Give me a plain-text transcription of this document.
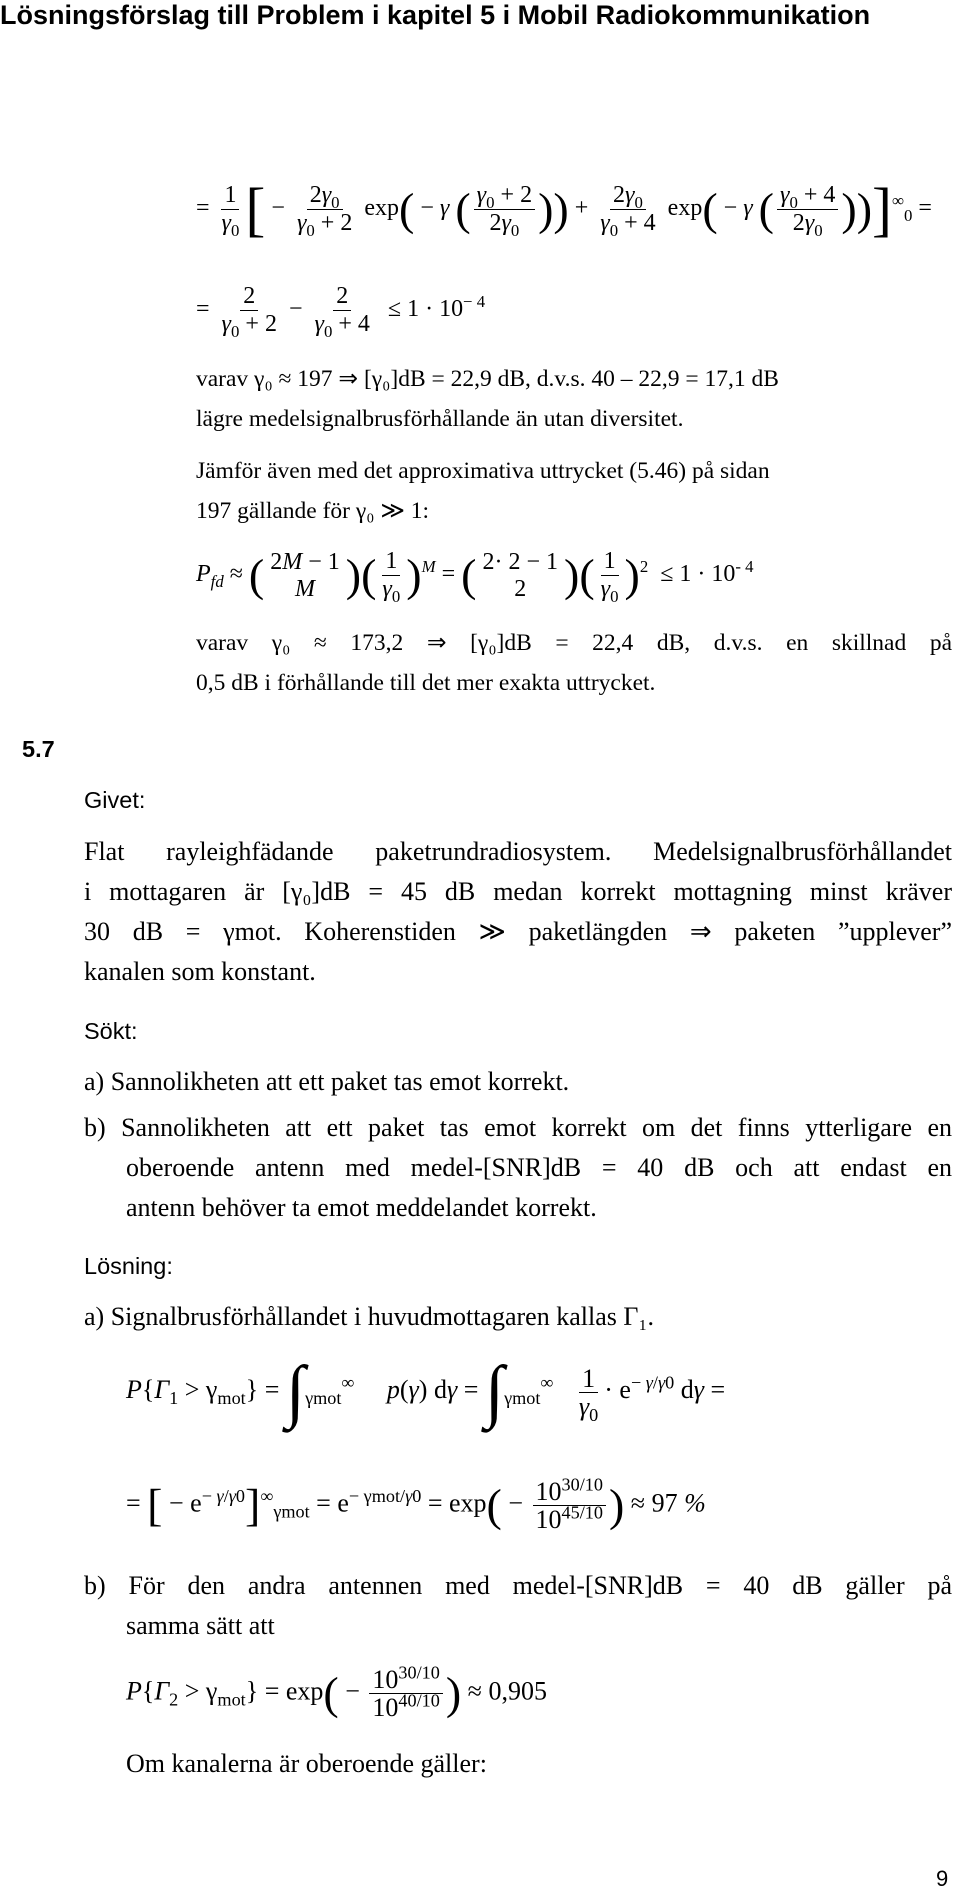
Lösningsförslag till Problem i kapitel 5 i Mobil Radiokommunikation
= $\frac{1}{\gamma_0}$ [ − $\frac{2\gamma_0}{\gamma_0 + 2} \exp( - \gamma$ ( $\frac{\gamma_0 + 2}{2\gamma_0}$ )) + $\frac{2\gamma_0}{\gamma_0 + 4} \exp( - \gamma$ ( $\frac{\gamma_0 + 4}{2\gamma_0} ))]^\infty_0$ =
= $\frac{2}{\gamma_0 + 2} - \frac{2}{\gamma_0 + 4} \le 1 \cdot 10^{- 4}$
varav γ₀ ≈ 197 ⇒ [γ₀]dB = 22,9 dB, d.v.s. 40 – 22,9 = 17,1 dB
lägre medelsignalbrusförhållande än utan diversitet.
Jämför även med det approximativa uttrycket (5.46) på sidan
197 gällande för γ₀ ≫ 1:
$P_{fd}$ ≈ ( 2M − 1
M )( $\frac{1}{\gamma_0} )^M$ = ( 2· 2 − 1
2 )( $\frac{1}{\gamma_0} )^2 \le 1 \cdot 10^{- 4}$
varav γ₀ ≈ 173,2 ⇒ [γ₀]dB = 22,4 dB, d.v.s. en skillnad på
0,5 dB i förhållande till det mer exakta uttrycket.
5.7
Givet:
Flat rayleighfädande paketrundradiosystem. Medelsignalbrusförhållandet
i mottagaren är [γ₀]dB = 45 dB medan korrekt mottagning minst kräver
30 dB = γmot. Koherenstiden ≫ paketlängden ⇒ paketen ”upplever”
kanalen som konstant.
Sökt:
a) Sannolikheten att ett paket tas emot korrekt.
b) Sannolikheten att ett paket tas emot korrekt om det finns ytterligare en
oberoende antenn med medel-[SNR]dB = 40 dB och att endast en
antenn behöver ta emot meddelandet korrekt.
Lösning:
a) Signalbrusförhållandet i huvudmottagaren kallas Γ₁.
$P\{\Gamma_1 > \gamma_{mot}\} = \int_{\gamma mot}^\infty$ p(γ) $d\gamma = \int_{\gamma mot}^\infty \frac{1}{\gamma_0} \cdot e^{- \gamma/\gamma 0}$ dγ =
= [ − $e^{- \gamma/\gamma 0}]^\infty_{\gamma mot} = e^{- \gamma mot/\gamma 0} = \exp( - \frac{10^{30/10}}{10^{45/10}}$ ) ≈ 97 %
b) För den andra antennen med medel-[SNR]dB = 40 dB gäller på
samma sätt att
$P\{\Gamma_2 > \gamma_{mot}\} = \exp( - \frac{10^{30/10}}{10^{40/10}}$ ) ≈ 0,905
Om kanalerna är oberoende gäller:
9
